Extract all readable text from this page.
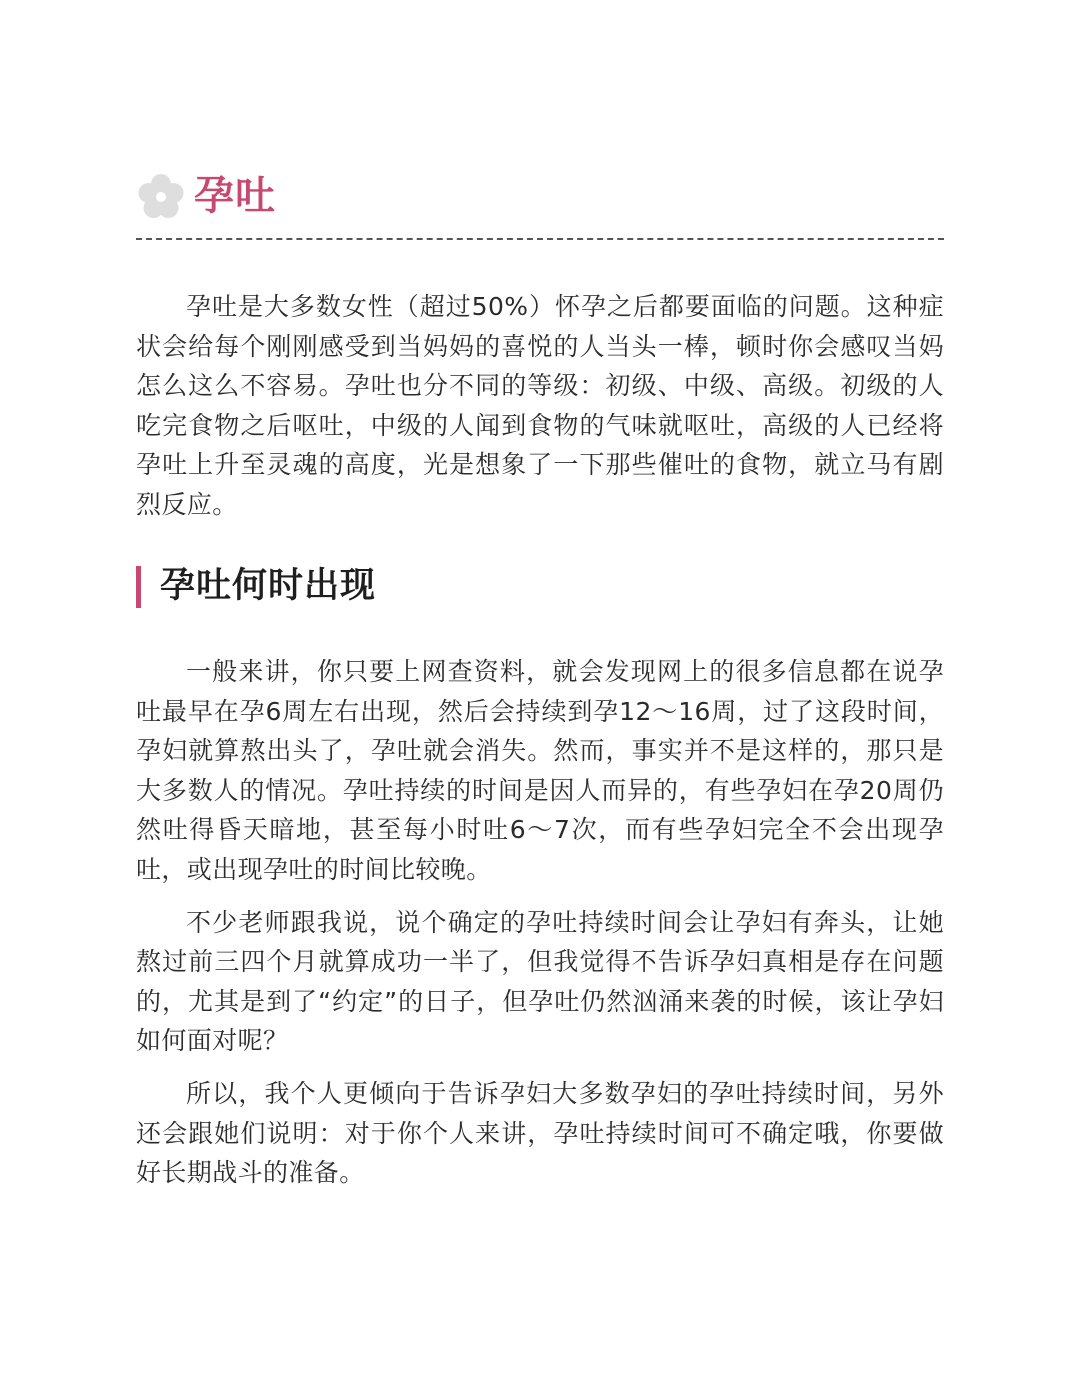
孕吐

孕吐是大多数女性（超过50%）怀孕之后都要面临的问题。这种症状会给每个刚刚感受到当妈妈的喜悦的人当头一棒，顿时你会感叹当妈怎么这么不容易。孕吐也分不同的等级：初级、中级、高级。初级的人吃完食物之后呕吐，中级的人闻到食物的气味就呕吐，高级的人已经将孕吐上升至灵魂的高度，光是想象了一下那些催吐的食物，就立马有剧烈反应。

孕吐何时出现

一般来讲，你只要上网查资料，就会发现网上的很多信息都在说孕吐最早在孕6周左右出现，然后会持续到孕12～16周，过了这段时间，孕妇就算熬出头了，孕吐就会消失。然而，事实并不是这样的，那只是大多数人的情况。孕吐持续的时间是因人而异的，有些孕妇在孕20周仍然吐得昏天暗地，甚至每小时吐6～7次，而有些孕妇完全不会出现孕吐，或出现孕吐的时间比较晚。

不少老师跟我说，说个确定的孕吐持续时间会让孕妇有奔头，让她熬过前三四个月就算成功一半了，但我觉得不告诉孕妇真相是存在问题的，尤其是到了“约定”的日子，但孕吐仍然汹涌来袭的时候，该让孕妇如何面对呢？

所以，我个人更倾向于告诉孕妇大多数孕妇的孕吐持续时间，另外还会跟她们说明：对于你个人来讲，孕吐持续时间可不确定哦，你要做好长期战斗的准备。
